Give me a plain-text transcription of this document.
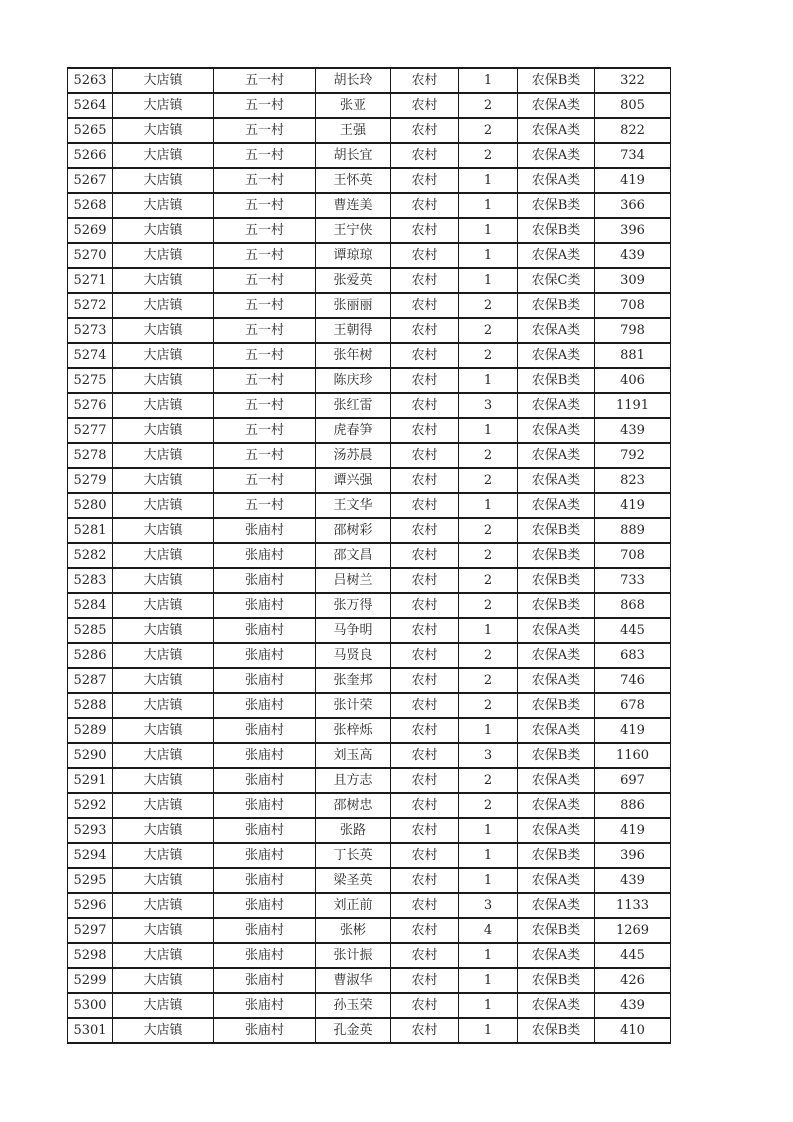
5263	大店镇	五一村	胡长玲	农村	1	农保B类	322
5264	大店镇	五一村	张亚	农村	2	农保A类	805
5265	大店镇	五一村	王强	农村	2	农保A类	822
5266	大店镇	五一村	胡长宜	农村	2	农保A类	734
5267	大店镇	五一村	王怀英	农村	1	农保A类	419
5268	大店镇	五一村	曹连美	农村	1	农保B类	366
5269	大店镇	五一村	王宁侠	农村	1	农保B类	396
5270	大店镇	五一村	谭琼琼	农村	1	农保A类	439
5271	大店镇	五一村	张爱英	农村	1	农保C类	309
5272	大店镇	五一村	张丽丽	农村	2	农保B类	708
5273	大店镇	五一村	王朝得	农村	2	农保A类	798
5274	大店镇	五一村	张年树	农村	2	农保A类	881
5275	大店镇	五一村	陈庆珍	农村	1	农保B类	406
5276	大店镇	五一村	张红雷	农村	3	农保A类	1191
5277	大店镇	五一村	虎春笋	农村	1	农保A类	439
5278	大店镇	五一村	汤苏晨	农村	2	农保A类	792
5279	大店镇	五一村	谭兴强	农村	2	农保A类	823
5280	大店镇	五一村	王文华	农村	1	农保A类	419
5281	大店镇	张庙村	邵树彩	农村	2	农保B类	889
5282	大店镇	张庙村	邵文昌	农村	2	农保B类	708
5283	大店镇	张庙村	吕树兰	农村	2	农保B类	733
5284	大店镇	张庙村	张万得	农村	2	农保B类	868
5285	大店镇	张庙村	马争明	农村	1	农保A类	445
5286	大店镇	张庙村	马贤良	农村	2	农保A类	683
5287	大店镇	张庙村	张奎邦	农村	2	农保A类	746
5288	大店镇	张庙村	张计荣	农村	2	农保B类	678
5289	大店镇	张庙村	张梓烁	农村	1	农保A类	419
5290	大店镇	张庙村	刘玉高	农村	3	农保B类	1160
5291	大店镇	张庙村	且方志	农村	2	农保A类	697
5292	大店镇	张庙村	邵树忠	农村	2	农保A类	886
5293	大店镇	张庙村	张路	农村	1	农保A类	419
5294	大店镇	张庙村	丁长英	农村	1	农保B类	396
5295	大店镇	张庙村	梁圣英	农村	1	农保A类	439
5296	大店镇	张庙村	刘正前	农村	3	农保A类	1133
5297	大店镇	张庙村	张彬	农村	4	农保B类	1269
5298	大店镇	张庙村	张计振	农村	1	农保A类	445
5299	大店镇	张庙村	曹淑华	农村	1	农保B类	426
5300	大店镇	张庙村	孙玉荣	农村	1	农保A类	439
5301	大店镇	张庙村	孔金英	农村	1	农保B类	410
